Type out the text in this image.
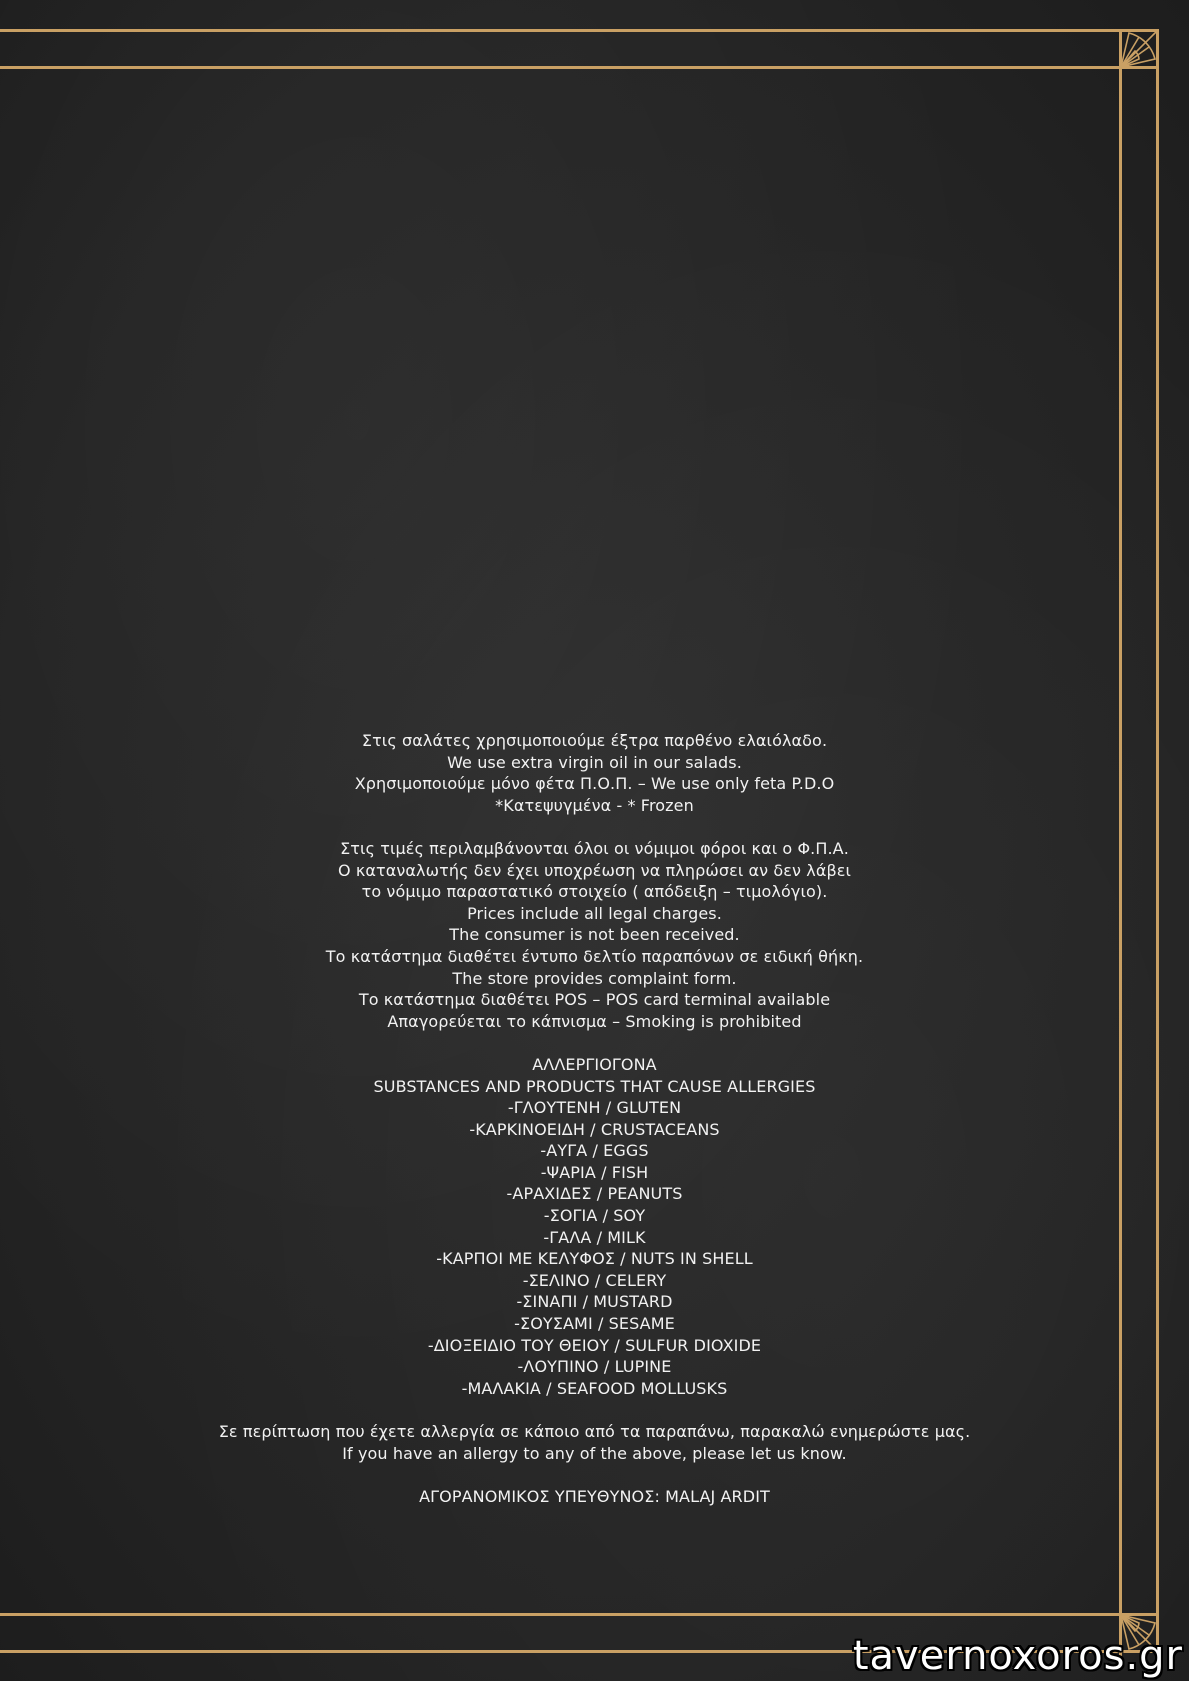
Στις σαλάτες χρησιμοποιούμε έξτρα παρθένο ελαιόλαδο.
We use extra virgin oil in our salads.
Χρησιμοποιούμε μόνο φέτα Π.Ο.Π. – We use only feta P.D.O
*Κατεψυγμένα - * Frozen
Στις τιμές περιλαμβάνονται όλοι οι νόμιμοι φόροι και ο Φ.Π.Α.
Ο καταναλωτής δεν έχει υποχρέωση να πληρώσει αν δεν λάβει
το νόμιμο παραστατικό στοιχείο ( απόδειξη – τιμολόγιο).
Prices include all legal charges.
The consumer is not been received.
Το κατάστημα διαθέτει έντυπο δελτίο παραπόνων σε ειδική θήκη.
The store provides complaint form.
Το κατάστημα διαθέτει POS – POS card terminal available
Απαγορεύεται το κάπνισμα – Smoking is prohibited
ΑΛΛΕΡΓΙΟΓΟΝΑ
SUBSTANCES AND PRODUCTS THAT CAUSE ALLERGIES
-ΓΛΟΥΤΕΝΗ / GLUTEN
-ΚΑΡΚΙΝΟΕΙΔΗ / CRUSTACEANS
-ΑΥΓΑ / EGGS
-ΨΑΡΙΑ / FISH
-ΑΡΑΧΙΔΕΣ / PEANUTS
-ΣΟΓΙΑ / SOY
-ΓΑΛΑ / MILK
-ΚΑΡΠΟΙ ΜΕ ΚΕΛΥΦΟΣ / NUTS IN SHELL
-ΣΕΛΙΝΟ / CELERY
-ΣΙΝΑΠΙ / MUSTARD
-ΣΟΥΣΑΜΙ / SESAME
-ΔΙΟΞΕΙΔΙΟ ΤΟΥ ΘΕΙΟΥ / SULFUR DIOXIDE
-ΛΟΥΠΙΝΟ / LUPINE
-ΜΑΛΑΚΙΑ / SEAFOOD MOLLUSKS
Σε περίπτωση που έχετε αλλεργία σε κάποιο από τα παραπάνω, παρακαλώ ενημερώστε μας.
If you have an allergy to any of the above, please let us know.
ΑΓΟΡΑΝΟΜΙΚΟΣ ΥΠΕΥΘΥΝΟΣ: MALAJ ARDIT
tavernoxoros.gr
